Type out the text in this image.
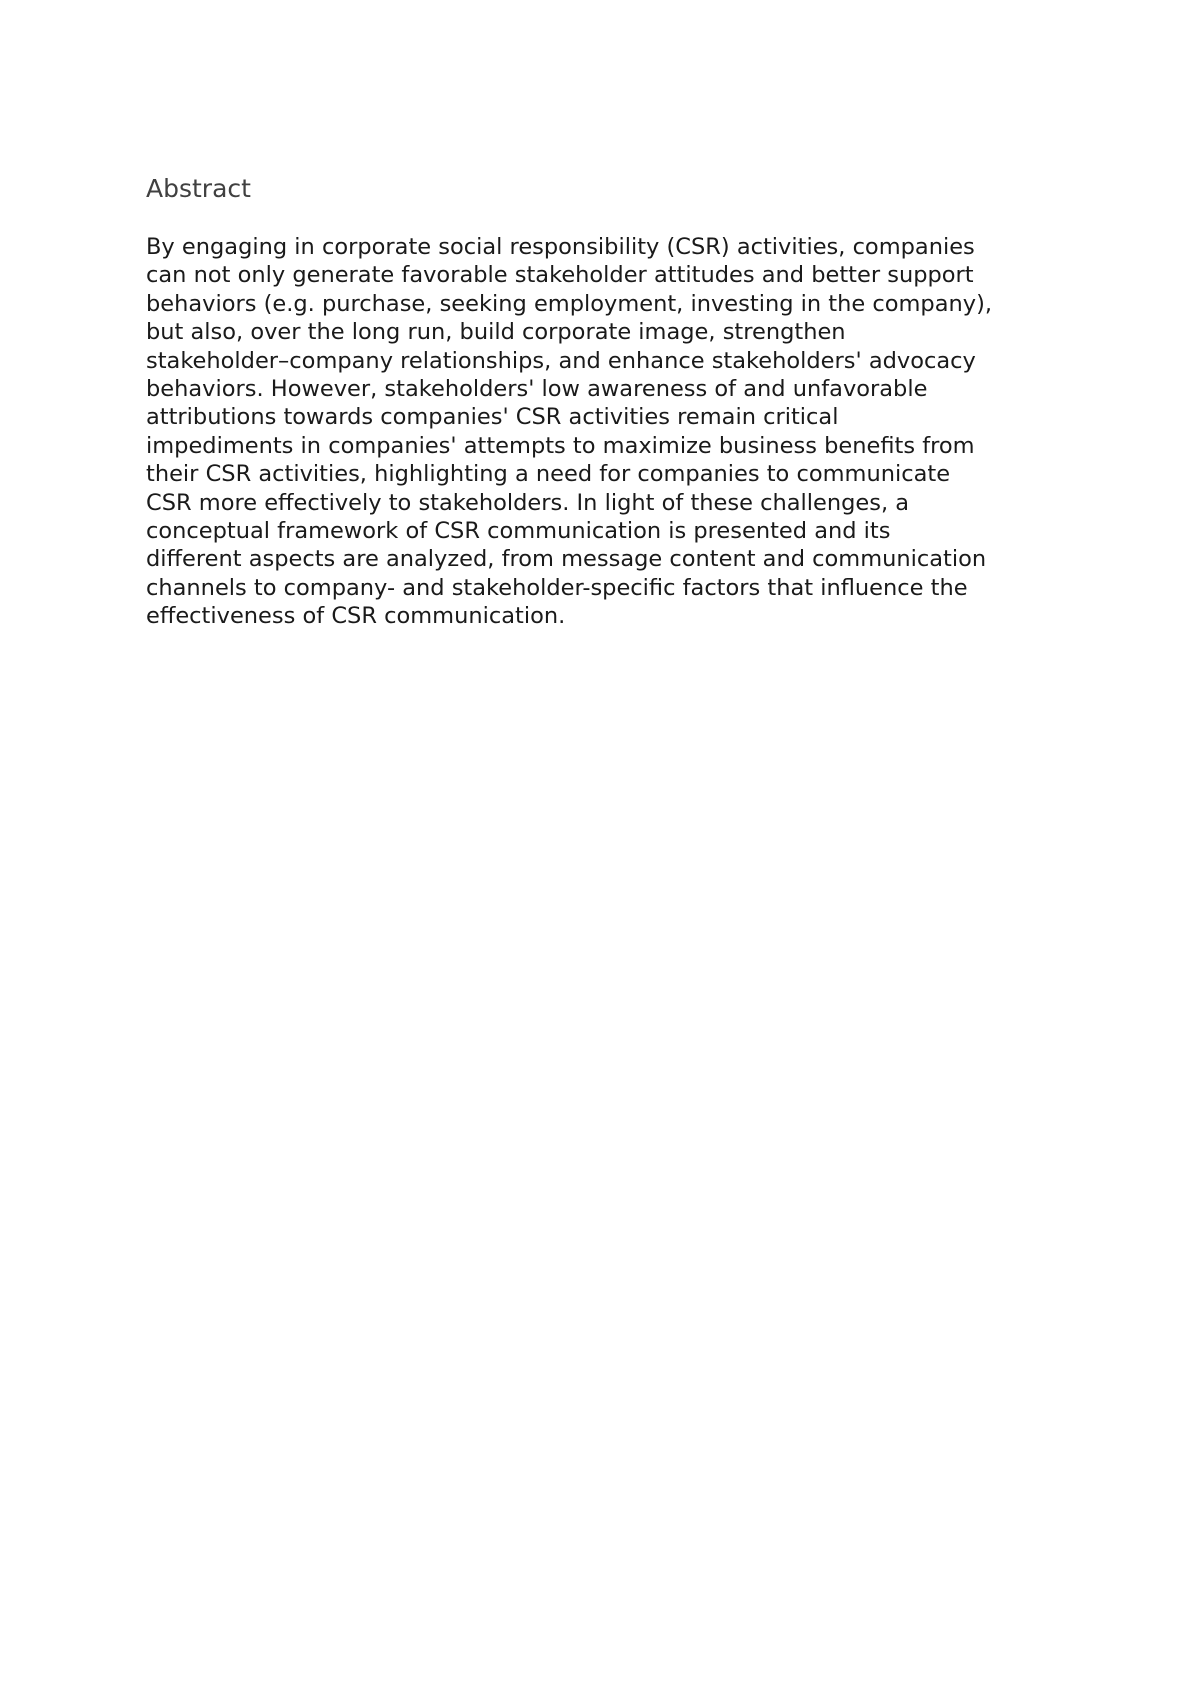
Abstract

By engaging in corporate social responsibility (CSR) activities, companies
can not only generate favorable stakeholder attitudes and better support
behaviors (e.g. purchase, seeking employment, investing in the company),
but also, over the long run, build corporate image, strengthen
stakeholder–company relationships, and enhance stakeholders' advocacy
behaviors. However, stakeholders' low awareness of and unfavorable
attributions towards companies' CSR activities remain critical
impediments in companies' attempts to maximize business benefits from
their CSR activities, highlighting a need for companies to communicate
CSR more effectively to stakeholders. In light of these challenges, a
conceptual framework of CSR communication is presented and its
different aspects are analyzed, from message content and communication
channels to company- and stakeholder-specific factors that influence the
effectiveness of CSR communication.
